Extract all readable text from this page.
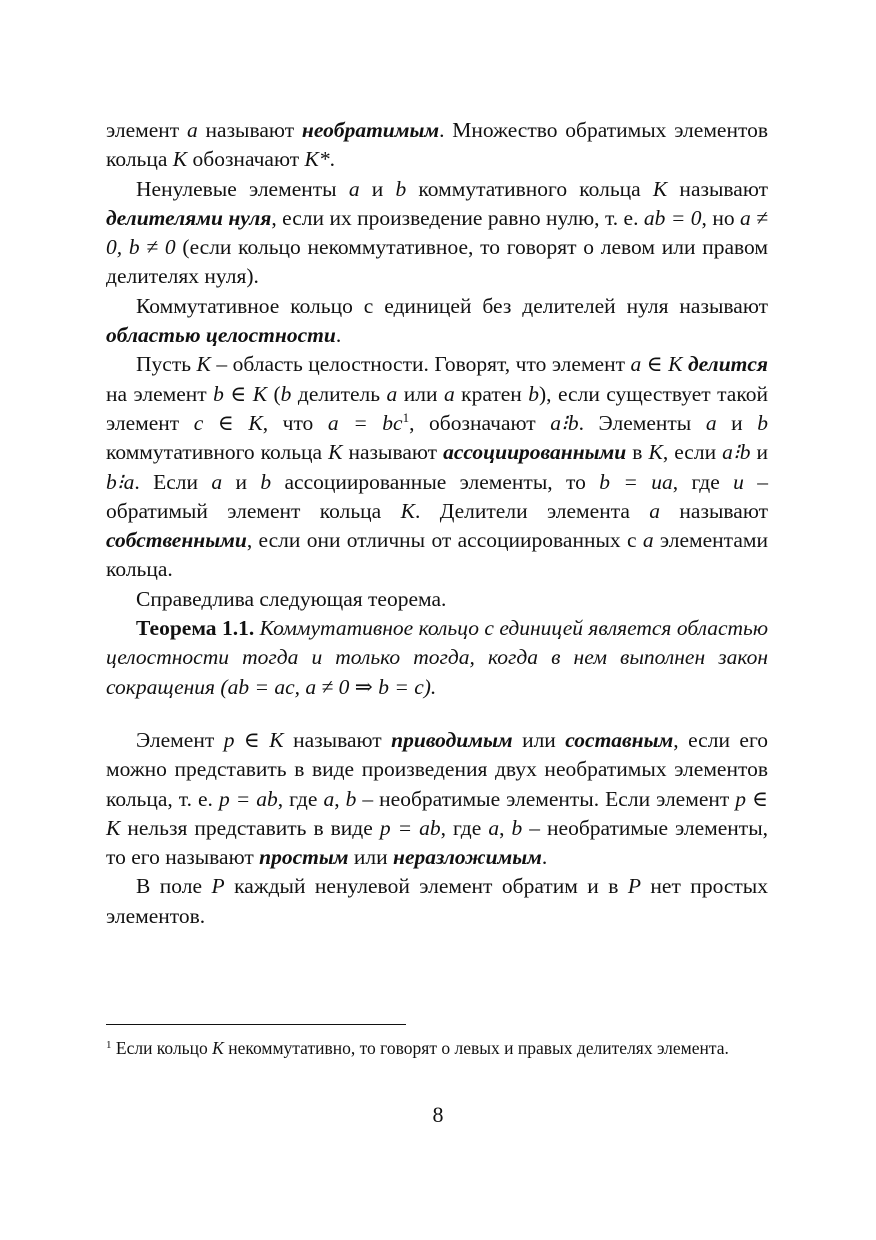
элемент a называют необратимым. Множество обратимых элементов кольца K обозначают K*.

Ненулевые элементы a и b коммутативного кольца K называют делителями нуля, если их произведение равно нулю, т. е. ab = 0, но a ≠ 0, b ≠ 0 (если кольцо некоммутативное, то говорят о левом или правом делителях нуля).

Коммутативное кольцо с единицей без делителей нуля называют областью целостности.

Пусть K – область целостности. Говорят, что элемент a ∈ K делится на элемент b ∈ K (b делитель a или a кратен b), если существует такой элемент c ∈ K, что $a = bc^1$, обозначают a⁝b. Элементы a и b коммутативного кольца K называют ассоциированными в K, если a⁝b и b⁝a. Если a и b ассоциированные элементы, то b = ua, где u – обратимый элемент кольца K. Делители элемента a называют собственными, если они отличны от ассоциированных с a элементами кольца.

Справедлива следующая теорема.

Теорема 1.1. Коммутативное кольцо с единицей является областью целостности тогда и только тогда, когда в нем выполнен закон сокращения (ab = ac, a ≠ 0 ⇒ b = c).

Элемент p ∈ K называют приводимым или составным, если его можно представить в виде произведения двух необратимых элементов кольца, т. е. p = ab, где a, b – необратимые элементы. Если элемент p ∈ K нельзя представить в виде p = ab, где a, b – необратимые элементы, то его называют простым или неразложимым.

В поле P каждый ненулевой элемент обратим и в P нет простых элементов.

$^1$ Если кольцо K некоммутативно, то говорят о левых и правых делителях элемента.
8
